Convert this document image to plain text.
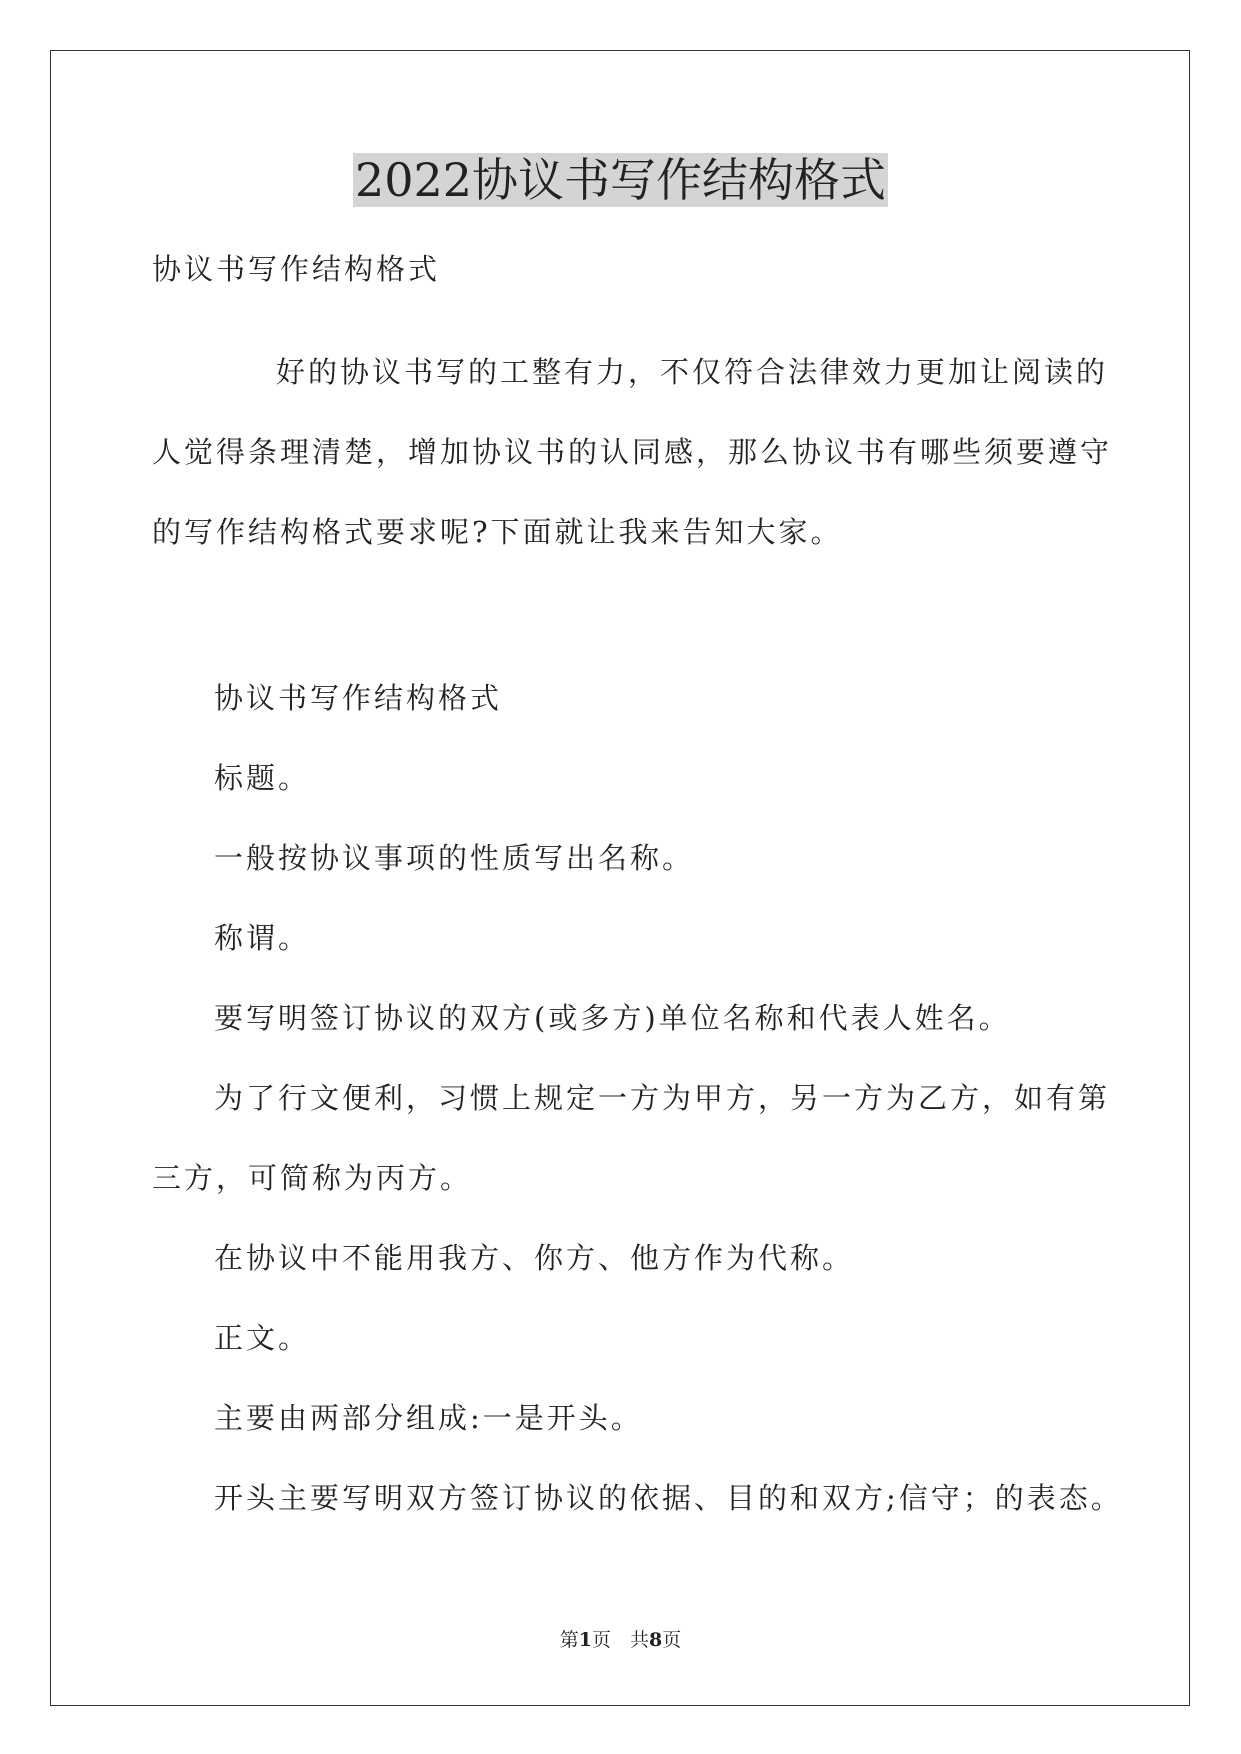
2022协议书写作结构格式

协议书写作结构格式

好的协议书写的工整有力，不仅符合法律效力更加让阅读的

人觉得条理清楚，增加协议书的认同感，那么协议书有哪些须要遵守

的写作结构格式要求呢?下面就让我来告知大家。

协议书写作结构格式

标题。

一般按协议事项的性质写出名称。

称谓。

要写明签订协议的双方(或多方)单位名称和代表人姓名。

为了行文便利，习惯上规定一方为甲方，另一方为乙方，如有第

三方，可简称为丙方。

在协议中不能用我方、你方、他方作为代称。

正文。

主要由两部分组成:一是开头。

开头主要写明双方签订协议的依据、目的和双方;信守；的表态。

第1页　共8页
